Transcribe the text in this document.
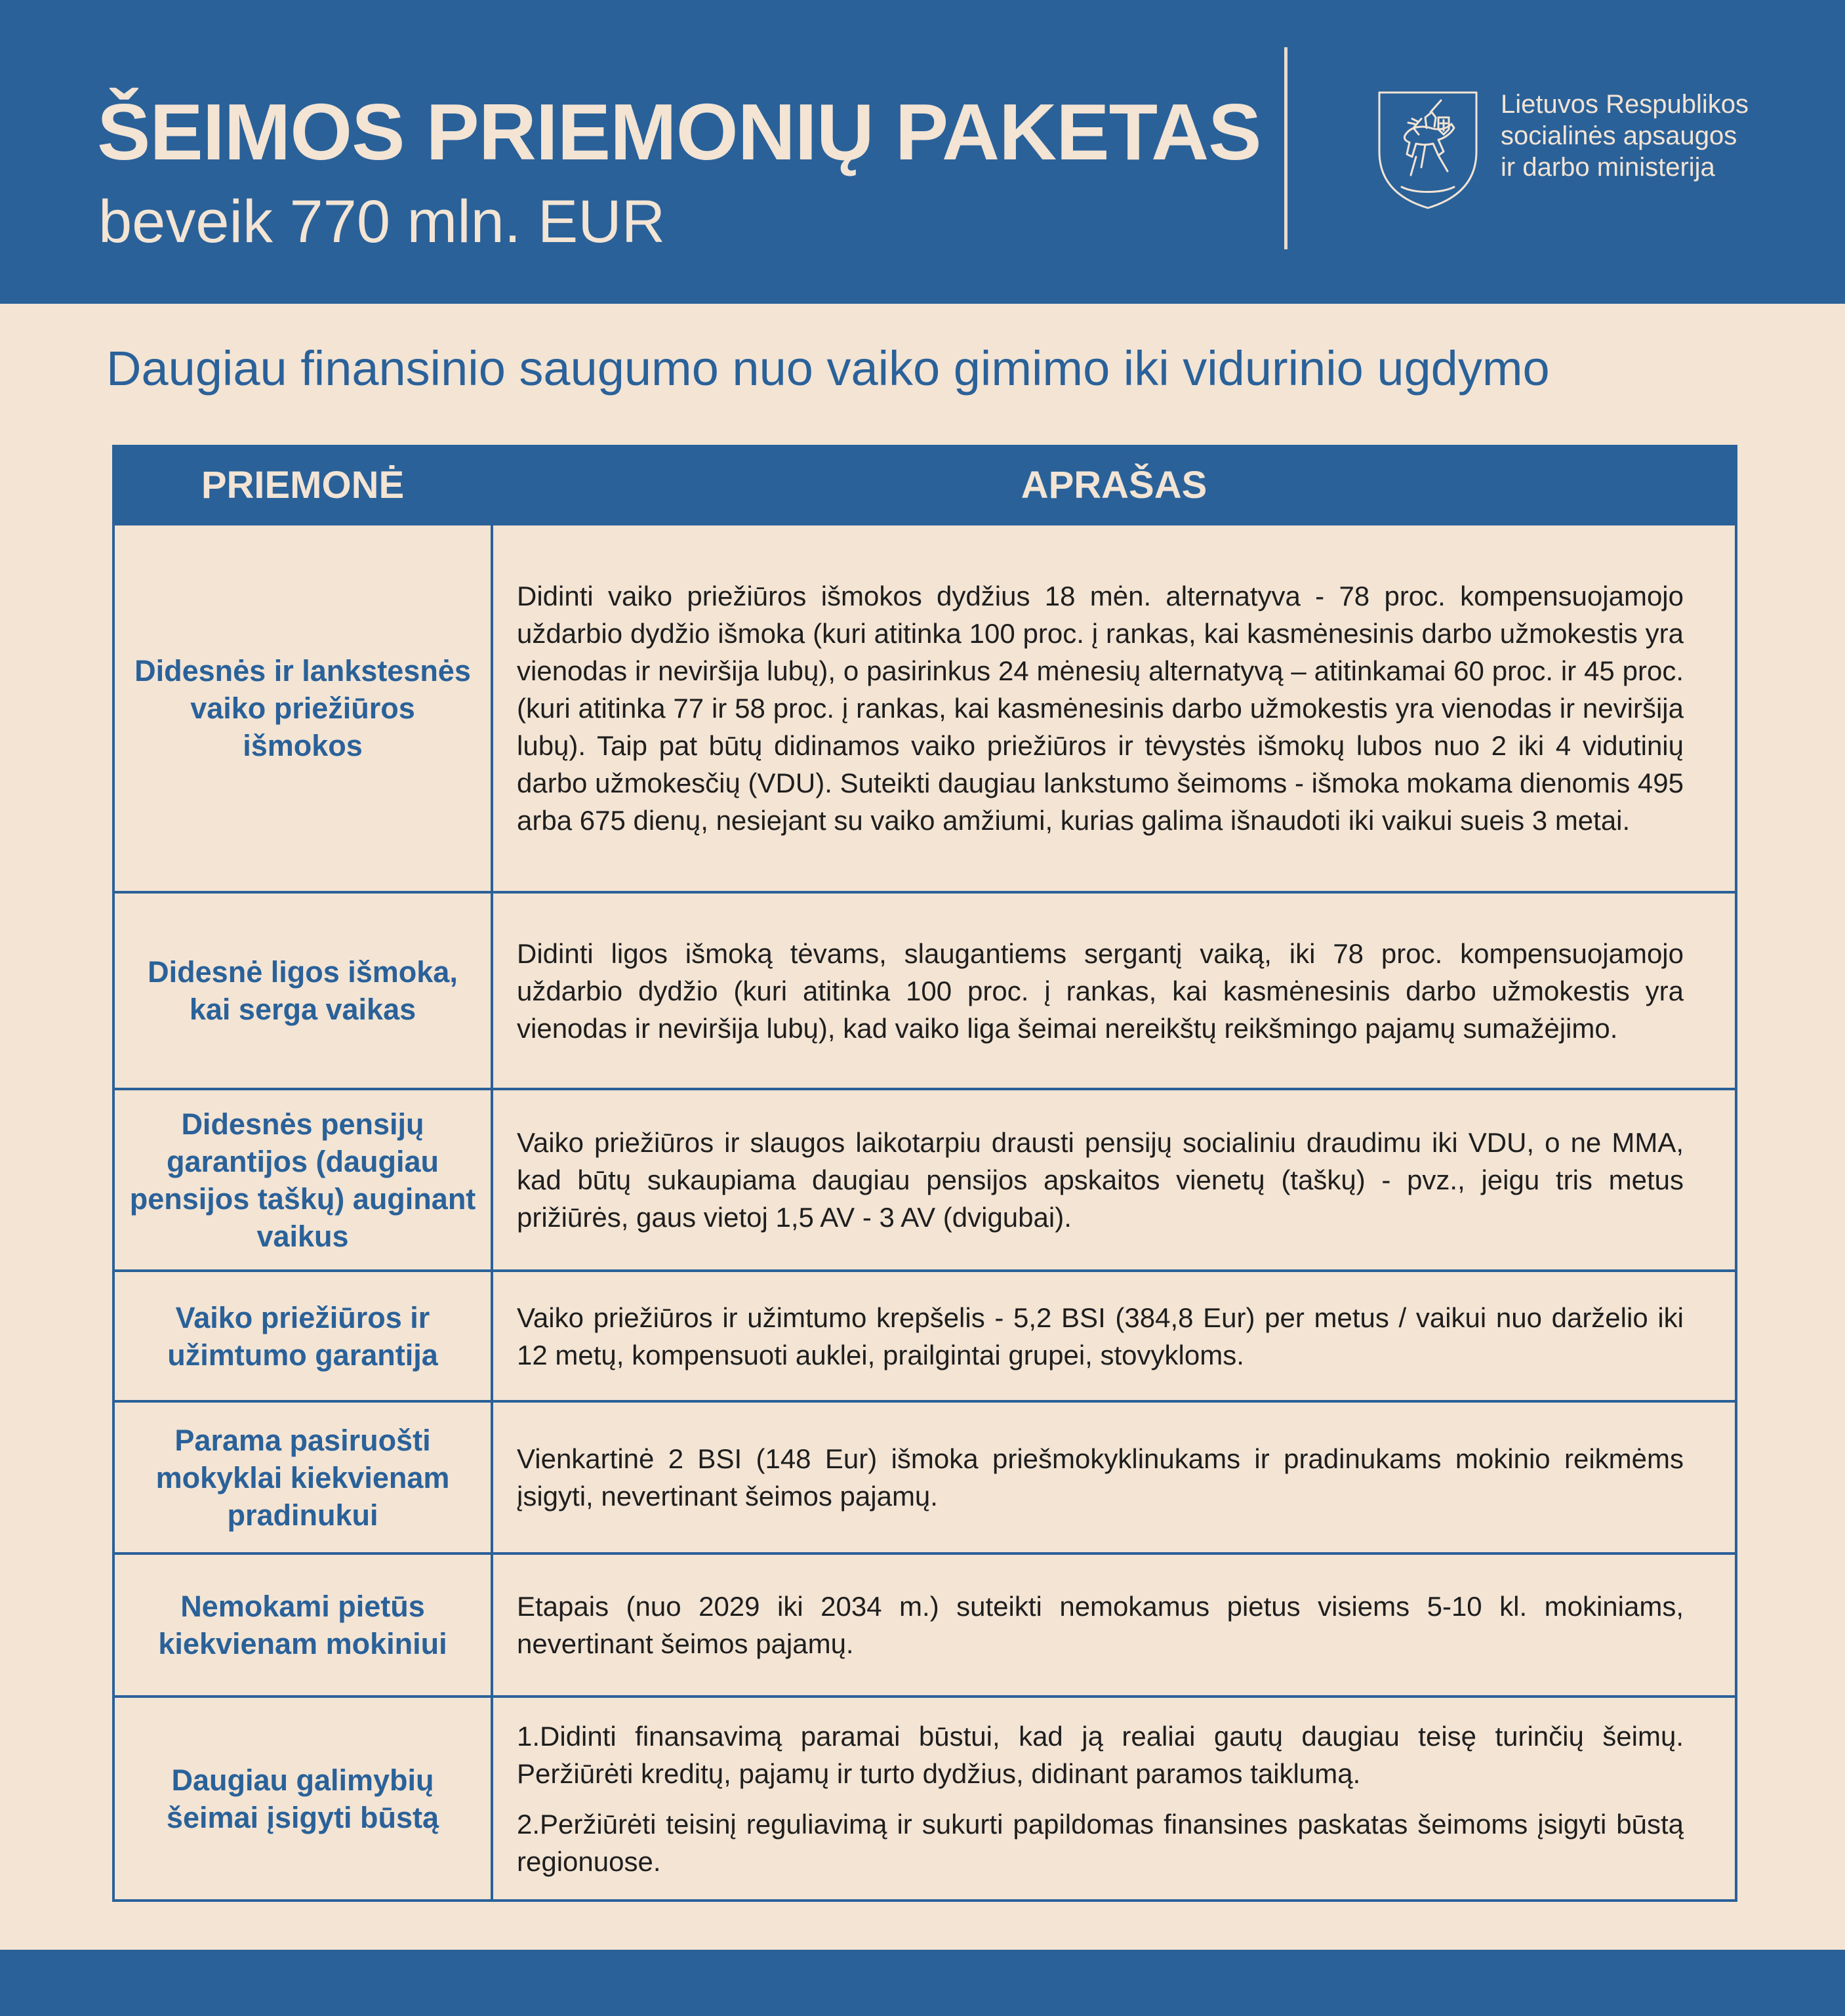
ŠEIMOS PRIEMONIŲ PAKETAS
beveik 770 mln. EUR
Lietuvos Respublikos
socialinės apsaugos
ir darbo ministerija
Daugiau finansinio saugumo nuo vaiko gimimo iki vidurinio ugdymo
PRIEMONĖ	APRAŠAS
Didesnės ir lankstesnės vaiko priežiūros išmokos	Didinti vaiko priežiūros išmokos dydžius 18 mėn. alternatyva - 78 proc. kompensuojamojo uždarbio dydžio išmoka (kuri atitinka 100 proc. į rankas, kai kasmėnesinis darbo užmokestis yra vienodas ir neviršija lubų), o pasirinkus 24 mėnesių alternatyvą – atitinkamai 60 proc. ir 45 proc. (kuri atitinka 77 ir 58 proc. į rankas, kai kasmėnesinis darbo užmokestis yra vienodas ir neviršija lubų). Taip pat būtų didinamos vaiko priežiūros ir tėvystės išmokų lubos nuo 2 iki 4 vidutinių darbo užmokesčių (VDU). Suteikti daugiau lankstumo šeimoms - išmoka mokama dienomis 495 arba 675 dienų, nesiejant su vaiko amžiumi, kurias galima išnaudoti iki vaikui sueis 3 metai.

Didesnė ligos išmoka, kai serga vaikas	Didinti ligos išmoką tėvams, slaugantiems sergantį vaiką, iki 78 proc. kompensuojamojo uždarbio dydžio (kuri atitinka 100 proc. į rankas, kai kasmėnesinis darbo užmokestis yra vienodas ir neviršija lubų), kad vaiko liga šeimai nereikštų reikšmingo pajamų sumažėjimo.

Didesnės pensijų garantijos (daugiau pensijos taškų) auginant vaikus	Vaiko priežiūros ir slaugos laikotarpiu drausti pensijų socialiniu draudimu iki VDU, o ne MMA, kad būtų sukaupiama daugiau pensijos apskaitos vienetų (taškų) - pvz., jeigu tris metus prižiūrės, gaus vietoj 1,5 AV - 3 AV (dvigubai).

Vaiko priežiūros ir užimtumo garantija	Vaiko priežiūros ir užimtumo krepšelis - 5,2 BSI (384,8 Eur) per metus / vaikui nuo darželio iki 12 metų, kompensuoti auklei, prailgintai grupei, stovykloms.

Parama pasiruošti mokyklai kiekvienam pradinukui	Vienkartinė 2 BSI (148 Eur) išmoka priešmokyklinukams ir pradinukams mokinio reikmėms įsigyti, nevertinant šeimos pajamų.

Nemokami pietūs kiekvienam mokiniui	Etapais (nuo 2029 iki 2034 m.) suteikti nemokamus pietus visiems 5-10 kl. mokiniams, nevertinant šeimos pajamų.

Daugiau galimybių šeimai įsigyti būstą	1.Didinti finansavimą paramai būstui, kad ją realiai gautų daugiau teisę turinčių šeimų. Peržiūrėti kreditų, pajamų ir turto dydžius, didinant paramos taiklumą.

2.Peržiūrėti teisinį reguliavimą ir sukurti papildomas finansines paskatas šeimoms įsigyti būstą regionuose.
